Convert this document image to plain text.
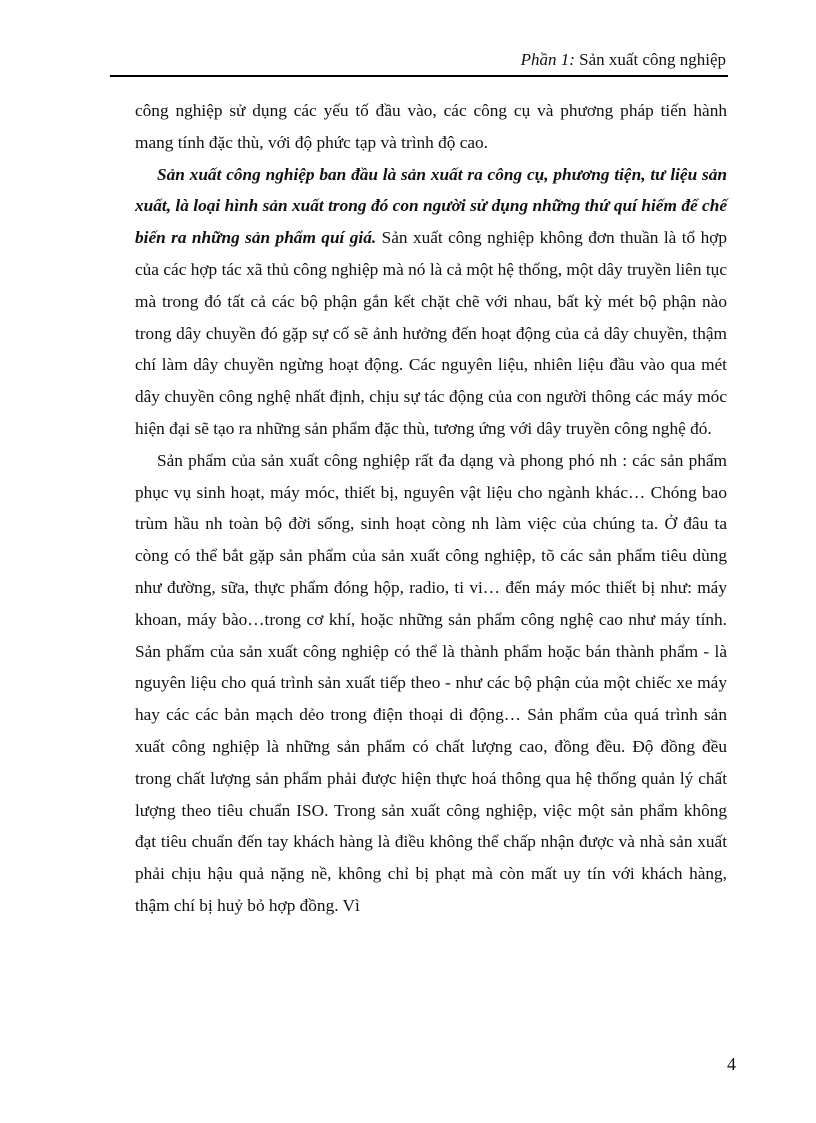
Phần 1: Sản xuất công nghiệp

công nghiệp sử dụng các yếu tố đầu vào, các công cụ và phương pháp tiến hành mang tính đặc thù, với độ phức tạp và trình độ cao.

Sản xuất công nghiệp ban đầu là sản xuất ra công cụ, phương tiện, tư liệu sản xuất, là loại hình sản xuất trong đó con người sử dụng những thứ quí hiếm để chế biến ra những sản phẩm quí giá. Sản xuất công nghiệp không đơn thuần là tổ hợp của các hợp tác xã thủ công nghiệp mà nó là cả một hệ thống, một dây truyền liên tục mà trong đó tất cả các bộ phận gắn kết chặt chẽ với nhau, bất kỳ mét bộ phận nào trong dây chuyền đó gặp sự cố sẽ ảnh hưởng đến hoạt động của cả dây chuyền, thậm chí làm dây chuyền ngừng hoạt động. Các nguyên liệu, nhiên liệu đầu vào qua mét dây chuyền công nghệ nhất định, chịu sự tác động của con người thông các máy móc hiện đại sẽ tạo ra những sản phẩm đặc thù, tương ứng với dây truyền công nghệ đó.

Sản phẩm của sản xuất công nghiệp rất đa dạng và phong phó nh : các sản phẩm phục vụ sinh hoạt, máy móc, thiết bị, nguyên vật liệu cho ngành khác… Chóng bao trùm hầu nh toàn bộ đời sống, sinh hoạt còng nh làm việc của chúng ta. Ở đâu ta còng có thể bắt gặp sản phẩm của sản xuất công nghiệp, tõ các sản phẩm tiêu dùng như đường, sữa, thực phẩm đóng hộp, radio, ti vi… đến máy móc thiết bị như: máy khoan, máy bào…trong cơ khí, hoặc những sản phẩm công nghệ cao như máy tính. Sản phẩm của sản xuất công nghiệp có thể là thành phẩm hoặc bán thành phẩm - là nguyên liệu cho quá trình sản xuất tiếp theo - như các bộ phận của một chiếc xe máy hay các các bản mạch dẻo trong điện thoại di động… Sản phẩm của quá trình sản xuất công nghiệp là những sản phẩm có chất lượng cao, đồng đều. Độ đồng đều trong chất lượng sản phẩm phải được hiện thực hoá thông qua hệ thống quản lý chất lượng theo tiêu chuẩn ISO. Trong sản xuất công nghiệp, việc một sản phẩm không đạt tiêu chuẩn đến tay khách hàng là điều không thể chấp nhận được và nhà sản xuất phải chịu hậu quả nặng nề, không chỉ bị phạt mà còn mất uy tín với khách hàng, thậm chí bị huỷ bỏ hợp đồng. Vì

4
